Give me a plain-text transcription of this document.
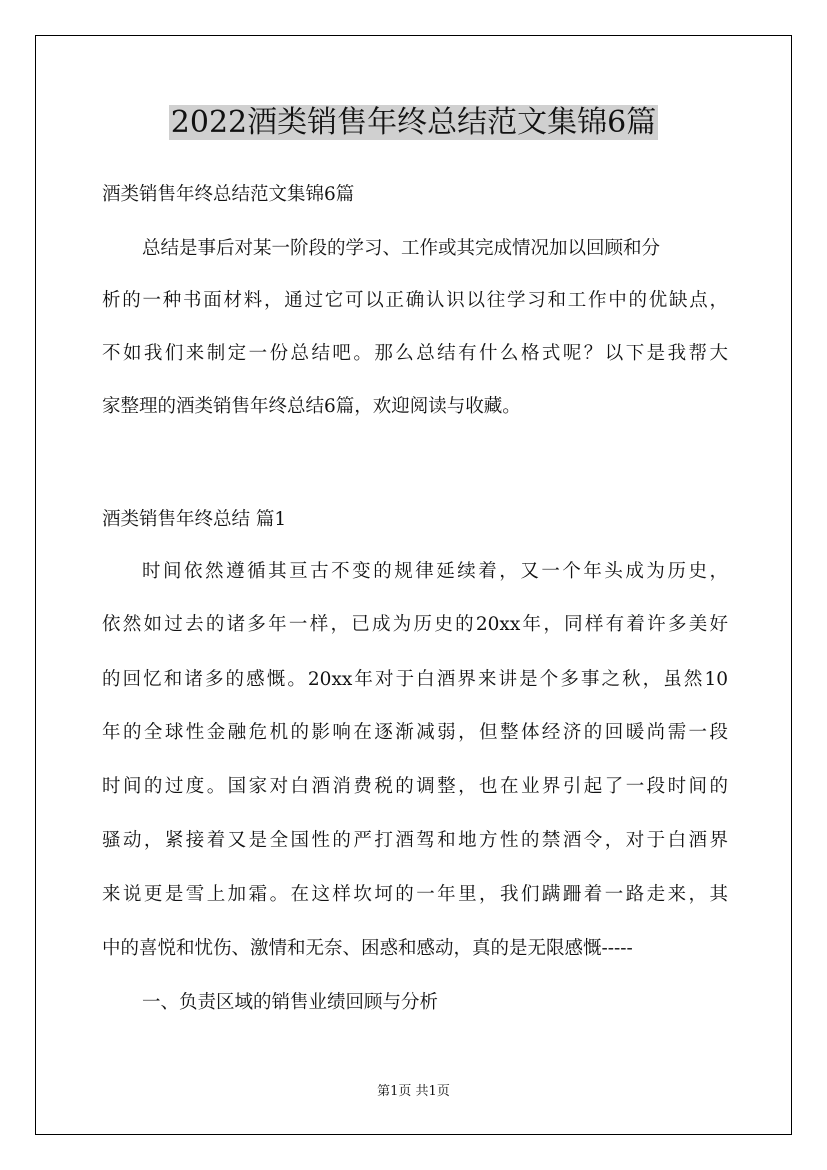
2022酒类销售年终总结范文集锦6篇
酒类销售年终总结范文集锦6篇
总结是事后对某一阶段的学习、工作或其完成情况加以回顾和分
析的一种书面材料，通过它可以正确认识以往学习和工作中的优缺点，
不如我们来制定一份总结吧。那么总结有什么格式呢？以下是我帮大
家整理的酒类销售年终总结6篇，欢迎阅读与收藏。
酒类销售年终总结 篇1
时间依然遵循其亘古不变的规律延续着，又一个年头成为历史，
依然如过去的诸多年一样，已成为历史的20xx年，同样有着许多美好
的回忆和诸多的感慨。20xx年对于白酒界来讲是个多事之秋，虽然10
年的全球性金融危机的影响在逐渐减弱，但整体经济的回暖尚需一段
时间的过度。国家对白酒消费税的调整，也在业界引起了一段时间的
骚动，紧接着又是全国性的严打酒驾和地方性的禁酒令，对于白酒界
来说更是雪上加霜。在这样坎坷的一年里，我们蹒跚着一路走来，其
中的喜悦和忧伤、激情和无奈、困惑和感动，真的是无限感慨-----
一、负责区域的销售业绩回顾与分析
第1页 共1页
